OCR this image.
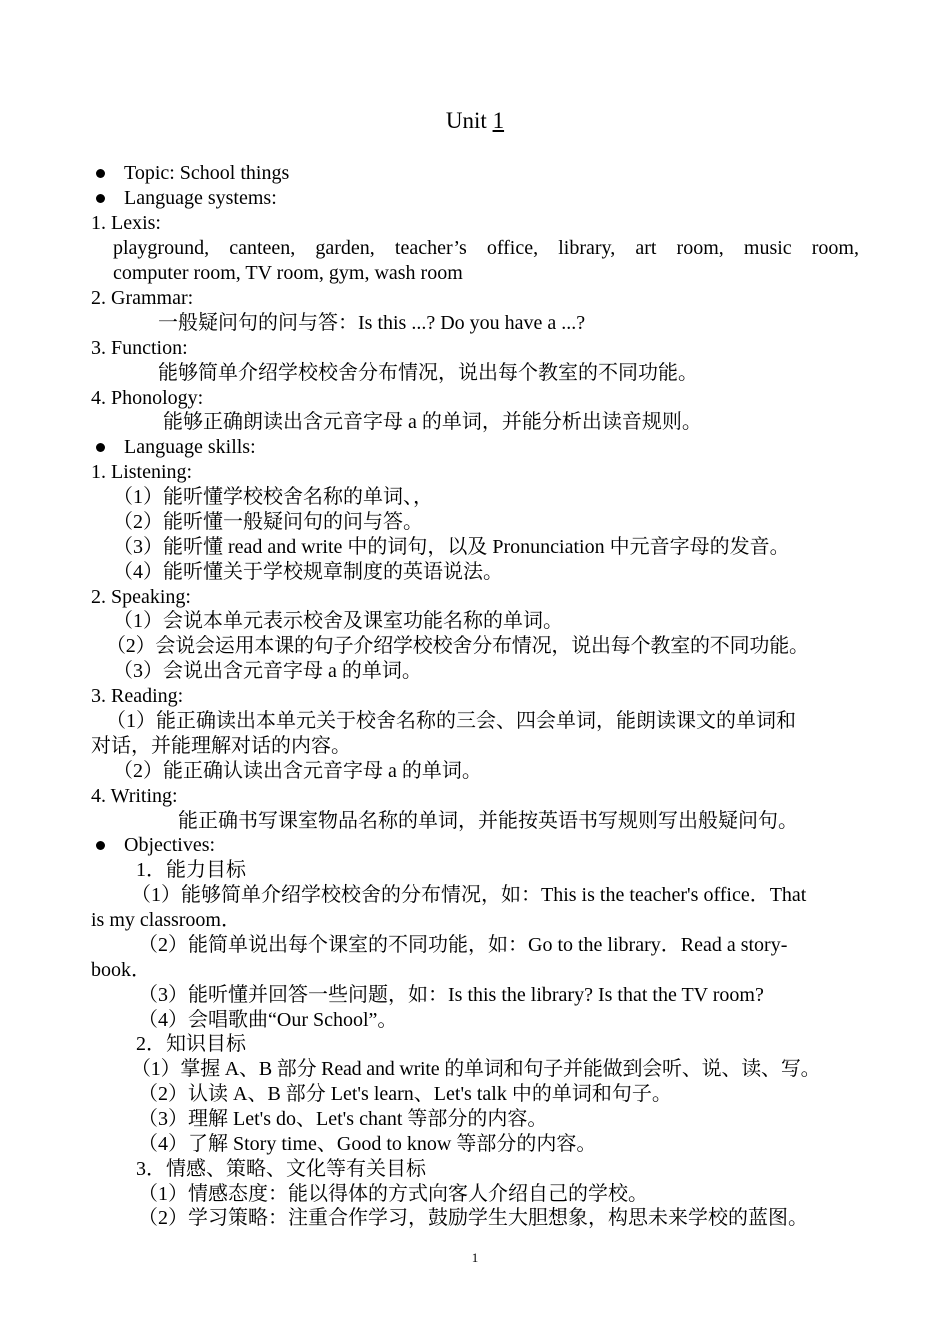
Unit 1
Topic: School things
Language systems:
1. Lexis:
playground, canteen, garden, teacher’s office, library, art room, music room,
computer room, TV room, gym, wash room
2. Grammar:
一般疑问句的问与答：Is this ...? Do you have a ...?
3. Function:
能够简单介绍学校校舍分布情况，说出每个教室的不同功能。
4. Phonology:
能够正确朗读出含元音字母 a 的单词，并能分析出读音规则。
Language skills:
1. Listening:
（1）能听懂学校校舍名称的单词、，
（2）能听懂一般疑问句的问与答。
（3）能听懂 read and write 中的词句，以及 Pronunciation 中元音字母的发音。
（4）能听懂关于学校规章制度的英语说法。
2. Speaking:
（1）会说本单元表示校舍及课室功能名称的单词。
（2）会说会运用本课的句子介绍学校校舍分布情况，说出每个教室的不同功能。
（3）会说出含元音字母 a 的单词。
3. Reading:
（1）能正确读出本单元关于校舍名称的三会、四会单词，能朗读课文的单词和
对话，并能理解对话的内容。
（2）能正确认读出含元音字母 a 的单词。
4. Writing:
能正确书写课室物品名称的单词，并能按英语书写规则写出般疑问句。
Objectives:
1．能力目标
（1）能够简单介绍学校校舍的分布情况，如：This is the teacher's office．That
is my classroom．
（2）能简单说出每个课室的不同功能，如：Go to the library．Read a story-
book．
（3）能听懂并回答一些问题，如：Is this the library? Is that the TV room?
（4）会唱歌曲“Our School”。
2．知识目标
（1）掌握 A、B 部分 Read and write 的单词和句子并能做到会听、说、读、写。
（2）认读 A、B 部分 Let's learn、Let's talk 中的单词和句子。
（3）理解 Let's do、Let's chant 等部分的内容。
（4）了解 Story time、Good to know 等部分的内容。
3．情感、策略、文化等有关目标
（1）情感态度：能以得体的方式向客人介绍自己的学校。
（2）学习策略：注重合作学习，鼓励学生大胆想象，构思未来学校的蓝图。
1
